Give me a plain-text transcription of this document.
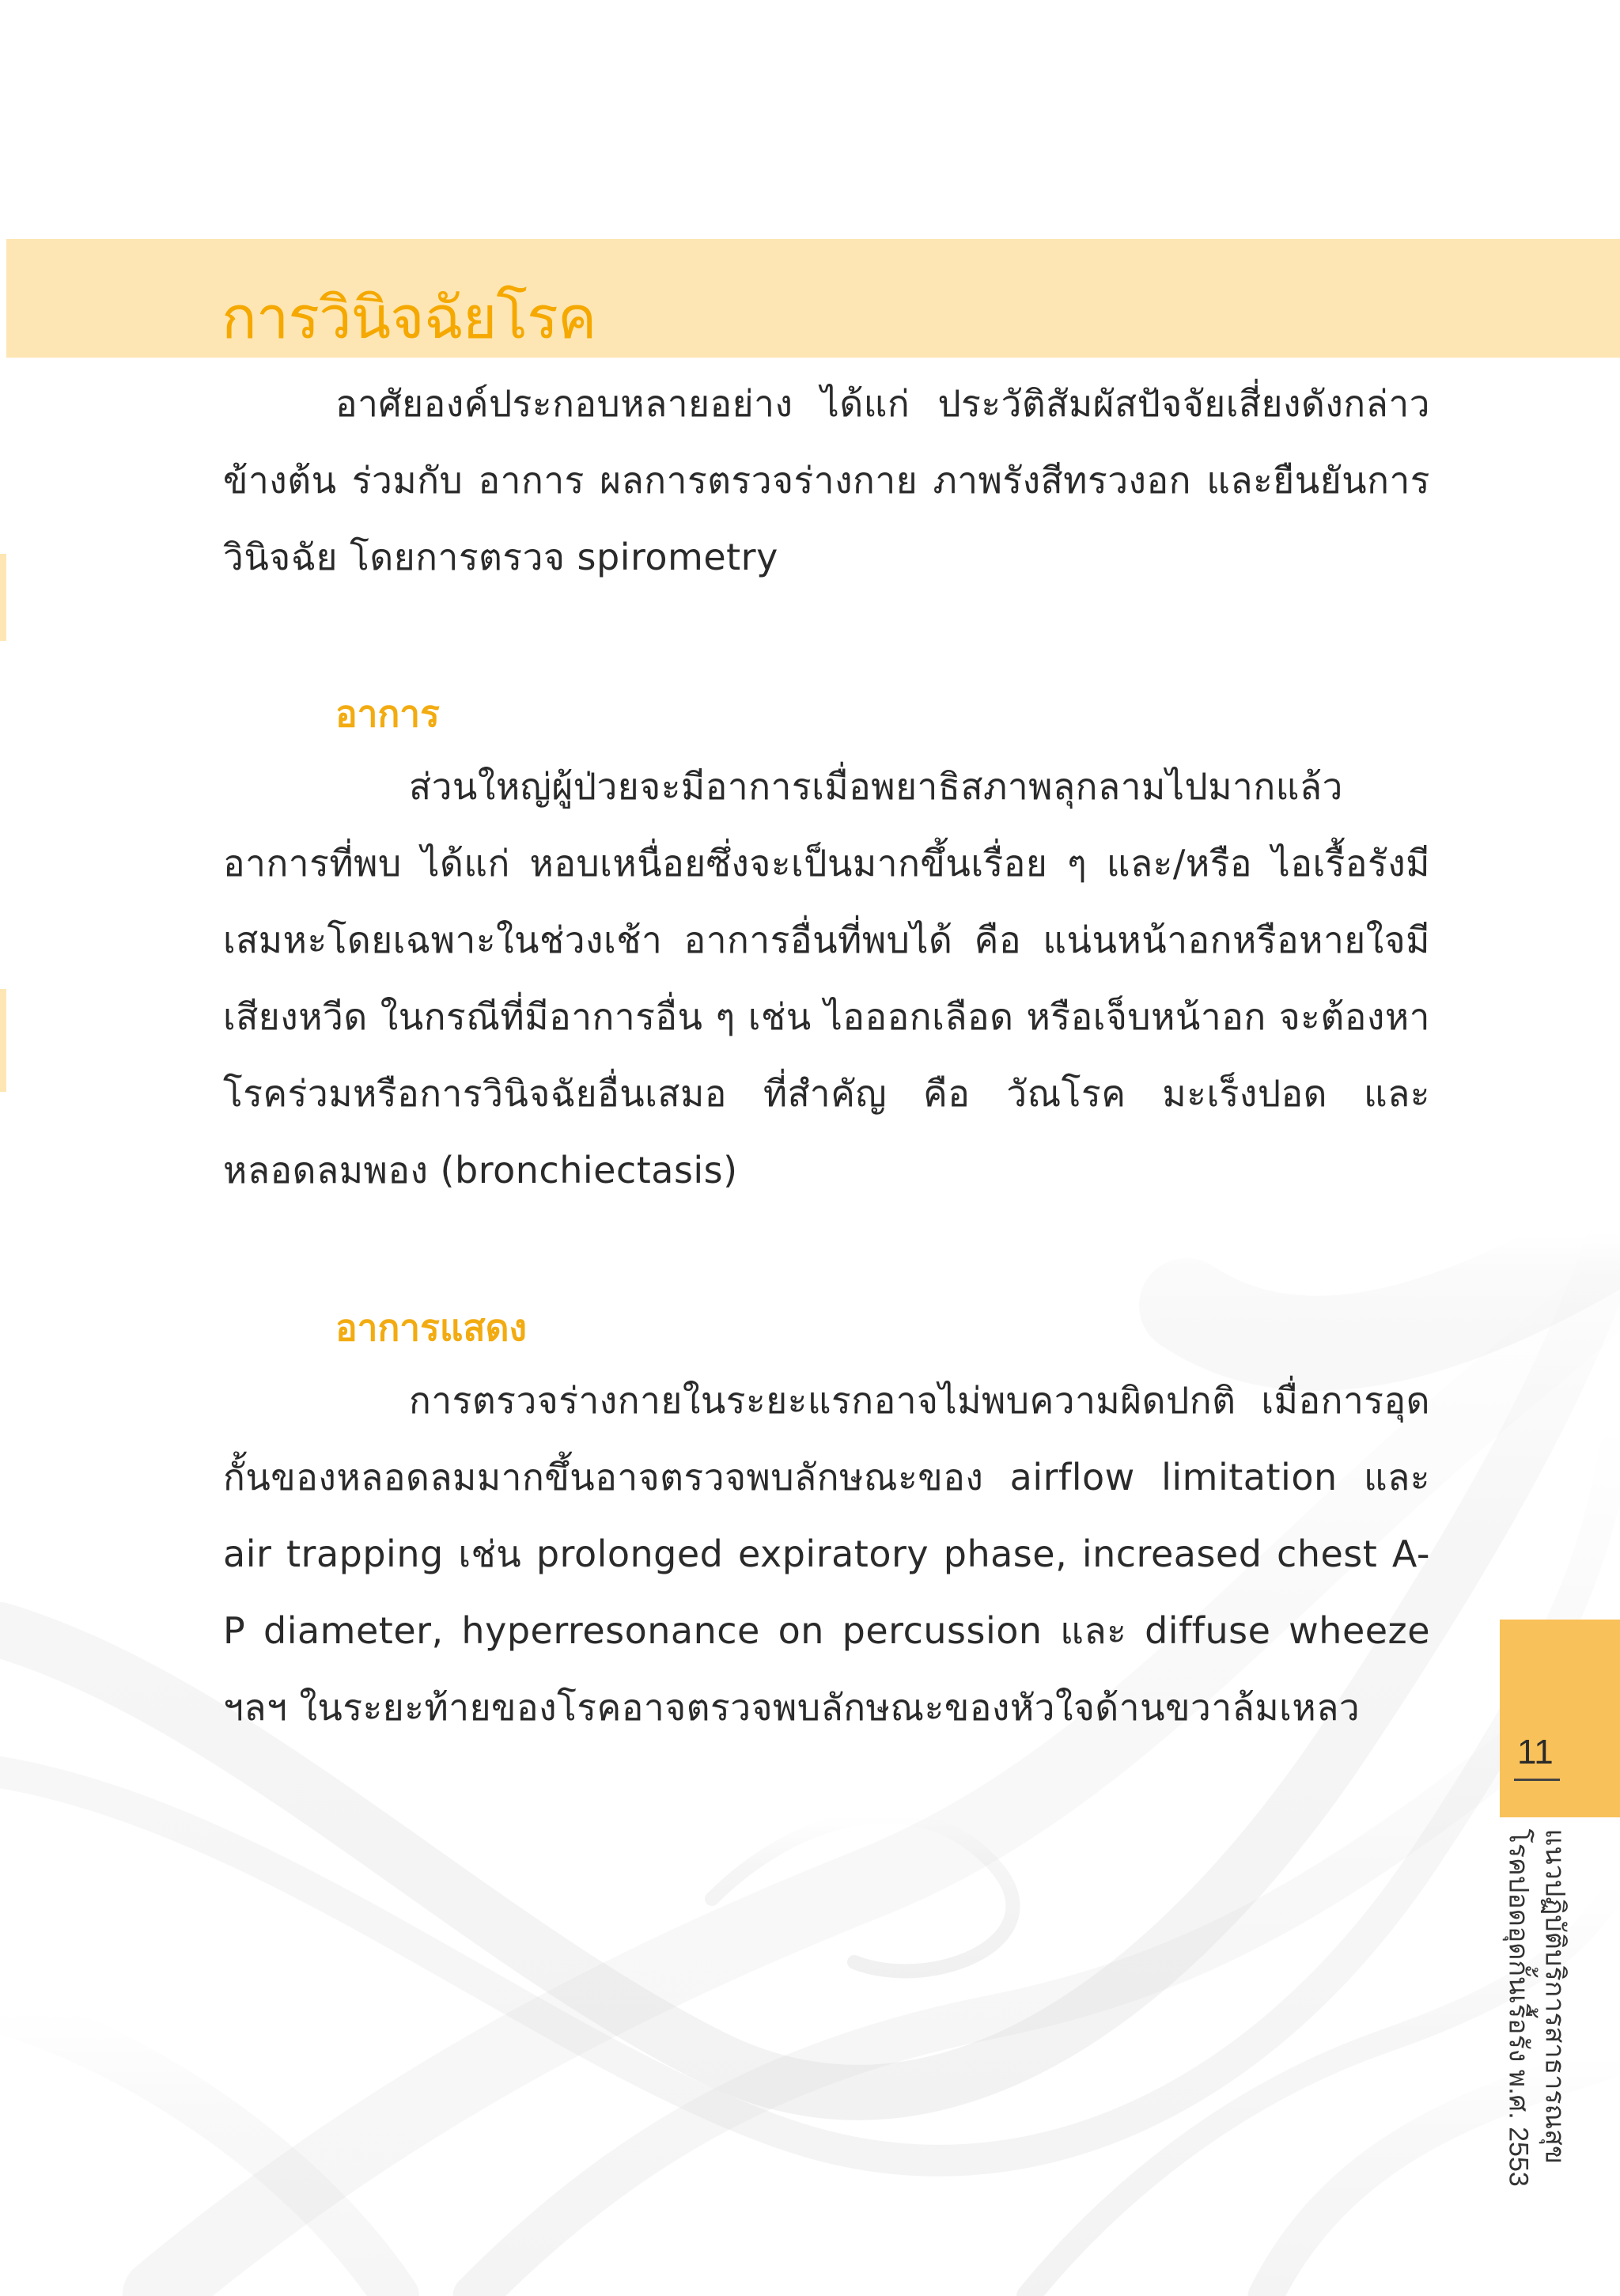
การวินิจฉัยโรค

อาศัยองค์ประกอบหลายอย่าง ได้แก่ ประวัติสัมผัสปัจจัยเสี่ยงดังกล่าวข้างต้น ร่วมกับ อาการ ผลการตรวจร่างกาย ภาพรังสีทรวงอก และยืนยันการวินิจฉัย โดยการตรวจ spirometry

อาการ

ส่วนใหญ่ผู้ป่วยจะมีอาการเมื่อพยาธิสภาพลุกลามไปมากแล้ว อาการที่พบ ได้แก่ หอบเหนื่อยซึ่งจะเป็นมากขึ้นเรื่อย ๆ และ/หรือ ไอเรื้อรังมีเสมหะโดยเฉพาะในช่วงเช้า อาการอื่นที่พบได้ คือ แน่นหน้าอกหรือหายใจมีเสียงหวีด ในกรณีที่มีอาการอื่น ๆ เช่น ไอออกเลือด หรือเจ็บหน้าอก จะต้องหาโรคร่วมหรือการวินิจฉัยอื่นเสมอ ที่สำคัญ คือ วัณโรค มะเร็งปอด และหลอดลมพอง (bronchiectasis)

อาการแสดง

การตรวจร่างกายในระยะแรกอาจไม่พบความผิดปกติ เมื่อการอุดกั้นของหลอดลมมากขึ้นอาจตรวจพบลักษณะของ airflow limitation และ air trapping เช่น prolonged expiratory phase, increased chest A-P diameter, hyperresonance on percussion และ diffuse wheeze ฯลฯ ในระยะท้ายของโรคอาจตรวจพบลักษณะของหัวใจด้านขวาล้มเหลว

11

แนวปฏิบัติบริการสาธารณสุข
โรคปอดอุดกั้นเรื้อรัง พ.ศ. 2553
